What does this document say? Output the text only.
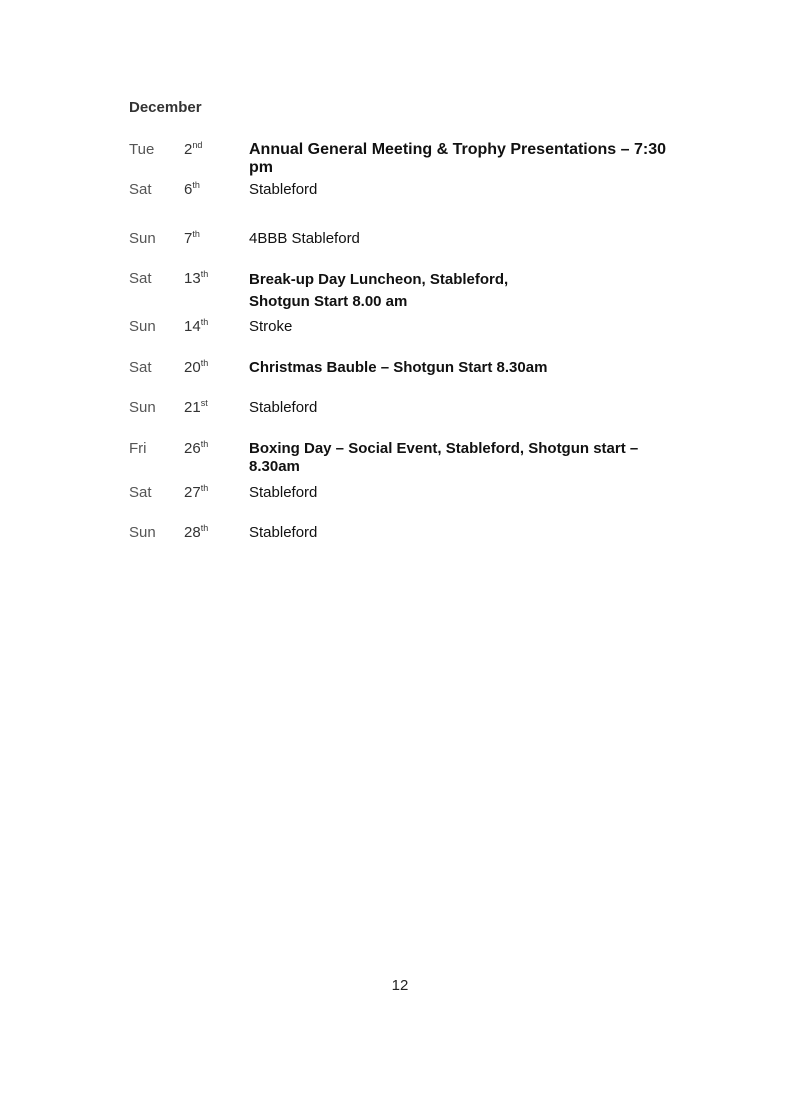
December
Tue 2nd	Annual General Meeting & Trophy Presentations – 7:30 pm
Sat 6th	Stableford
Sun 7th	4BBB Stableford
Sat 13th	Break-up Day Luncheon, Stableford,
Shotgun Start 8.00 am
Sun 14th	Stroke
Sat 20th	Christmas Bauble – Shotgun Start 8.30am
Sun 21st	Stableford
Fri	26th	Boxing Day – Social Event, Stableford, Shotgun start –
8.30am
Sat 27th	Stableford
Sun 28th	Stableford
12
